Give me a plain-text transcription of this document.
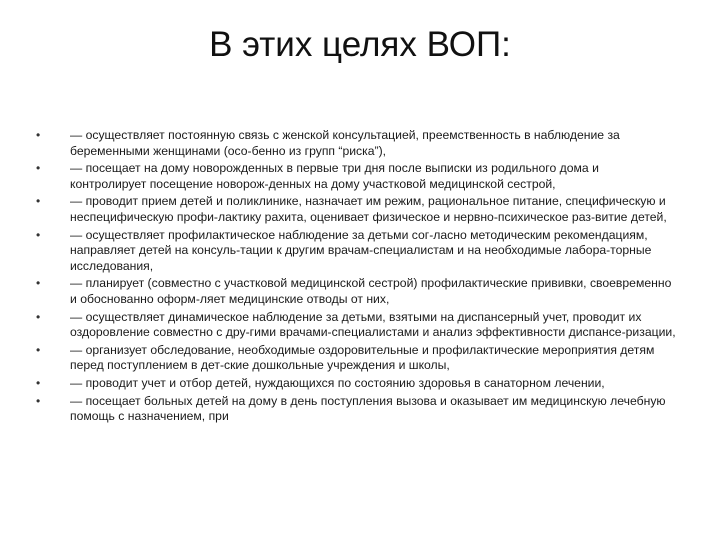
В этих целях ВОП:
• — осуществляет постоянную связь с женской консультацией, преемственность в наблюдение за беременными женщинами (осо-бенно из групп “риска”),
• — посещает на дому новорожденных в первые три дня после выписки из родильного дома и контролирует посещение новорож-денных на дому участковой медицинской сестрой,
• — проводит прием детей и поликлинике, назначает им режим, рациональное питание, специфическую и неспецифическую профи-лактику рахита, оценивает физическое и нервно-психическое раз-витие детей,
• — осуществляет профилактическое наблюдение за детьми сог-ласно методическим рекомендациям, направляет детей на консуль-тации к другим врачам-специалистам и на необходимые лабора-торные исследования,
• — планирует (совместно с участковой медицинской сестрой) профилактические прививки, своевременно и обоснованно оформ-ляет медицинские отводы от них,
• — осуществляет динамическое наблюдение за детьми, взятыми на диспансерный учет, проводит их оздоровление совместно с дру-гими врачами-специалистами и анализ эффективности диспансе-ризации,
• — организует обследование, необходимые оздоровительные и профилактические мероприятия детям перед поступлением в дет-ские дошкольные учреждения и школы,
• — проводит учет и отбор детей, нуждающихся по состоянию здоровья в санаторном лечении,
• — посещает больных детей на дому в день поступления вызова и оказывает им медицинскую лечебную помощь с назначением, при
